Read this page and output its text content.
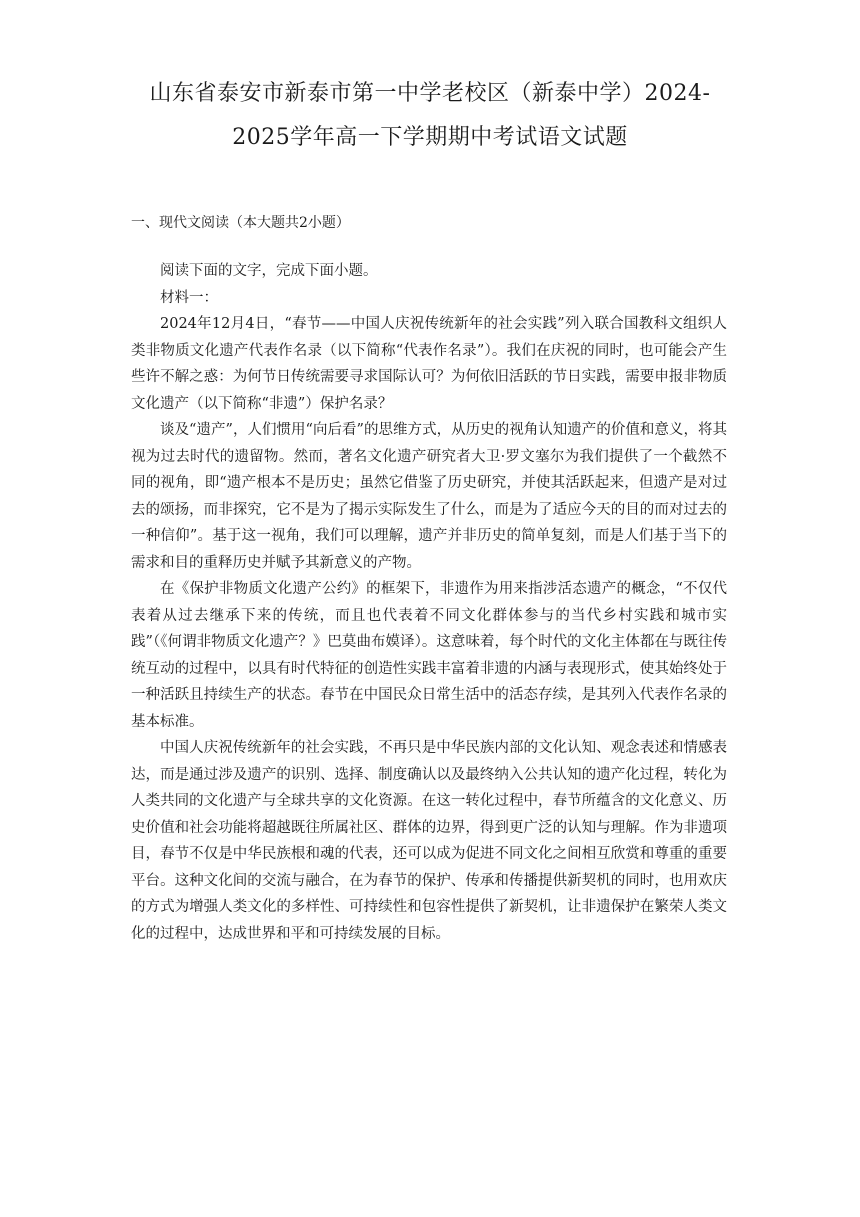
山东省泰安市新泰市第一中学老校区（新泰中学）2024-
2025学年高一下学期期中考试语文试题
一、现代文阅读（本大题共2小题）

阅读下面的文字，完成下面小题。

材料一：

2024年12月4日，“春节——中国人庆祝传统新年的社会实践”列入联合国教科文组织人类非物质文化遗产代表作名录（以下简称“代表作名录”）。我们在庆祝的同时，也可能会产生些许不解之惑：为何节日传统需要寻求国际认可？为何依旧活跃的节日实践，需要申报非物质文化遗产（以下简称“非遗”）保护名录？

谈及“遗产”，人们惯用“向后看”的思维方式，从历史的视角认知遗产的价值和意义，将其视为过去时代的遗留物。然而，著名文化遗产研究者大卫·罗文塞尔为我们提供了一个截然不同的视角，即“遗产根本不是历史；虽然它借鉴了历史研究，并使其活跃起来，但遗产是对过去的颂扬，而非探究，它不是为了揭示实际发生了什么，而是为了适应今天的目的而对过去的一种信仰”。基于这一视角，我们可以理解，遗产并非历史的简单复刻，而是人们基于当下的需求和目的重释历史并赋予其新意义的产物。

在《保护非物质文化遗产公约》的框架下，非遗作为用来指涉活态遗产的概念，“不仅代表着从过去继承下来的传统，而且也代表着不同文化群体参与的当代乡村实践和城市实践”（《何谓非物质文化遗产？》巴莫曲布嫫译）。这意味着，每个时代的文化主体都在与既往传统互动的过程中，以具有时代特征的创造性实践丰富着非遗的内涵与表现形式，使其始终处于一种活跃且持续生产的状态。春节在中国民众日常生活中的活态存续，是其列入代表作名录的基本标准。

中国人庆祝传统新年的社会实践，不再只是中华民族内部的文化认知、观念表述和情感表达，而是通过涉及遗产的识别、选择、制度确认以及最终纳入公共认知的遗产化过程，转化为人类共同的文化遗产与全球共享的文化资源。在这一转化过程中，春节所蕴含的文化意义、历史价值和社会功能将超越既往所属社区、群体的边界，得到更广泛的认知与理解。作为非遗项目，春节不仅是中华民族根和魂的代表，还可以成为促进不同文化之间相互欣赏和尊重的重要平台。这种文化间的交流与融合，在为春节的保护、传承和传播提供新契机的同时，也用欢庆的方式为增强人类文化的多样性、可持续性和包容性提供了新契机，让非遗保护在繁荣人类文化的过程中，达成世界和平和可持续发展的目标。
